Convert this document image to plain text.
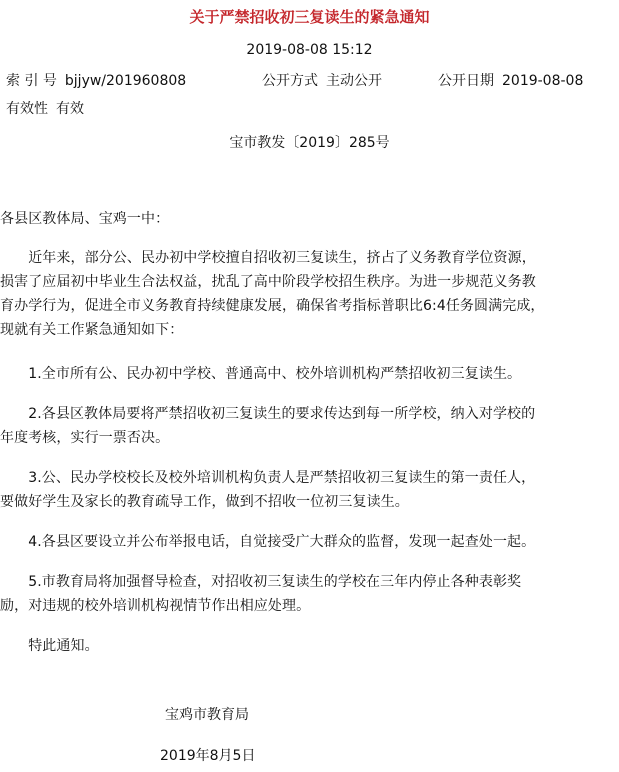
关于严禁招收初三复读生的紧急通知
2019-08-08 15:12
索 引 号 bjjyw/201960808	公开方式 主动公开	公开日期 2019-08-08
有效性 有效
宝市教发〔2019〕285号
各县区教体局、宝鸡一中：
　　近年来，部分公、民办初中学校擅自招收初三复读生，挤占了义务教育学位资源，
损害了应届初中毕业生合法权益，扰乱了高中阶段学校招生秩序。为进一步规范义务教
育办学行为，促进全市义务教育持续健康发展，确保省考指标普职比6:4任务圆满完成，
现就有关工作紧急通知如下：
　　1.全市所有公、民办初中学校、普通高中、校外培训机构严禁招收初三复读生。
　　2.各县区教体局要将严禁招收初三复读生的要求传达到每一所学校，纳入对学校的
年度考核，实行一票否决。
　　3.公、民办学校校长及校外培训机构负责人是严禁招收初三复读生的第一责任人，
要做好学生及家长的教育疏导工作，做到不招收一位初三复读生。
　　4.各县区要设立并公布举报电话，自觉接受广大群众的监督，发现一起查处一起。
　　5.市教育局将加强督导检查，对招收初三复读生的学校在三年内停止各种表彰奖
励，对违规的校外培训机构视情节作出相应处理。
　　特此通知。
宝鸡市教育局
2019年8月5日
